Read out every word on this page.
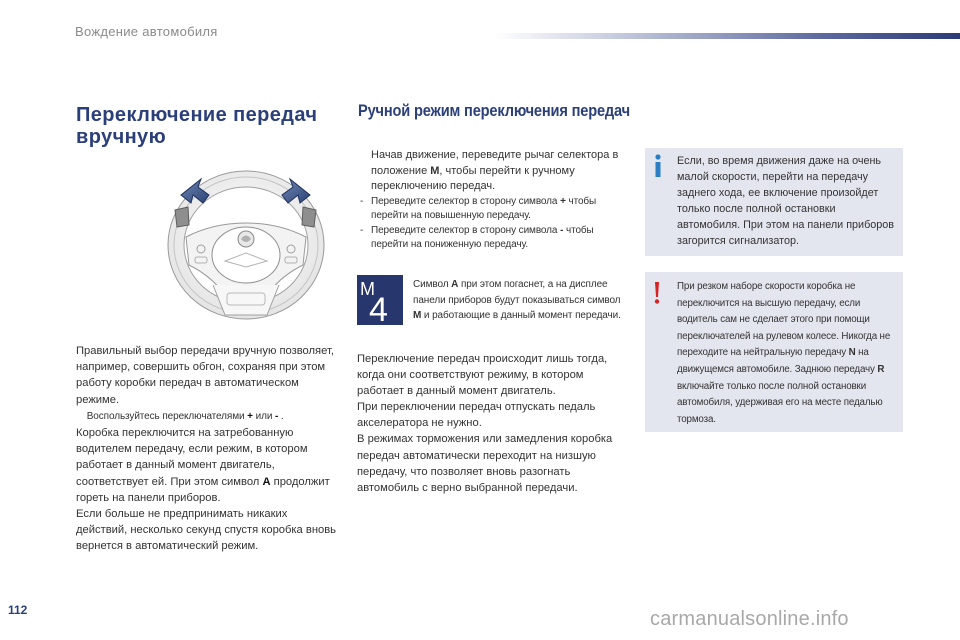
Вождение автомобиля
Переключение передач вручную
Ручной режим переключения передач
Правильный выбор передачи вручную позволяет, например, совершить обгон, сохраняя при этом работу коробки передач в автоматическом режиме.
Воспользуйтесь переключателями + или - .
Коробка переключится на затребованную водителем передачу, если режим, в котором работает в данный момент двигатель, соответствует ей. При этом символ A продолжит гореть на панели приборов.
Если больше не предпринимать никаких действий, несколько секунд спустя коробка вновь вернется в автоматический режим.
Начав движение, переведите рычаг селектора в положение M, чтобы перейти к ручному переключению передач.
- Переведите селектор в сторону символа + чтобы перейти на повышенную передачу.
- Переведите селектор в сторону символа - чтобы перейти на пониженную передачу.
M
4
Символ A при этом погаснет, а на дисплее панели приборов будут показываться символ M и работающие в данный момент передачи.
Переключение передач происходит лишь тогда, когда они соответствуют режиму, в котором работает в данный момент двигатель.
При переключении передач отпускать педаль акселератора не нужно.
В режимах торможения или замедления коробка передач автоматически переходит на низшую передачу, что позволяет вновь разогнать автомобиль с верно выбранной передачи.
Если, во время движения даже на очень малой скорости, перейти на передачу заднего хода, ее включение произойдет только после полной остановки автомобиля. При этом на панели приборов загорится сигнализатор.
При резком наборе скорости коробка не переключится на высшую передачу, если водитель сам не сделает этого при помощи переключателей на рулевом колесе. Никогда не переходите на нейтральную передачу N на движущемся автомобиле. Заднюю передачу R включайте только после полной остановки автомобиля, удерживая его на месте педалью тормоза.
112	carmanualsonline.info
